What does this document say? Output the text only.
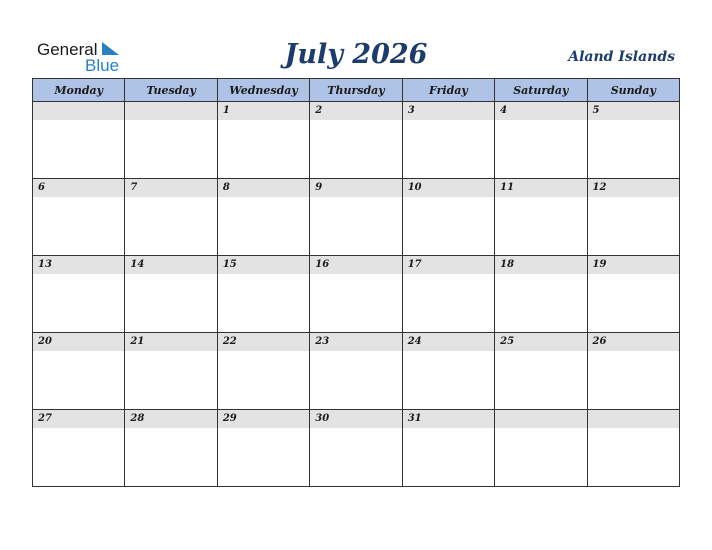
General
Blue	July 2026	Aland Islands
Monday	Tuesday	Wednesday	Thursday	Friday	Saturday	Sunday

		1	2	3	4	5

6	7	8	9	10	11	12

13	14	15	16	17	18	19

20	21	22	23	24	25	26

27	28	29	30	31		
